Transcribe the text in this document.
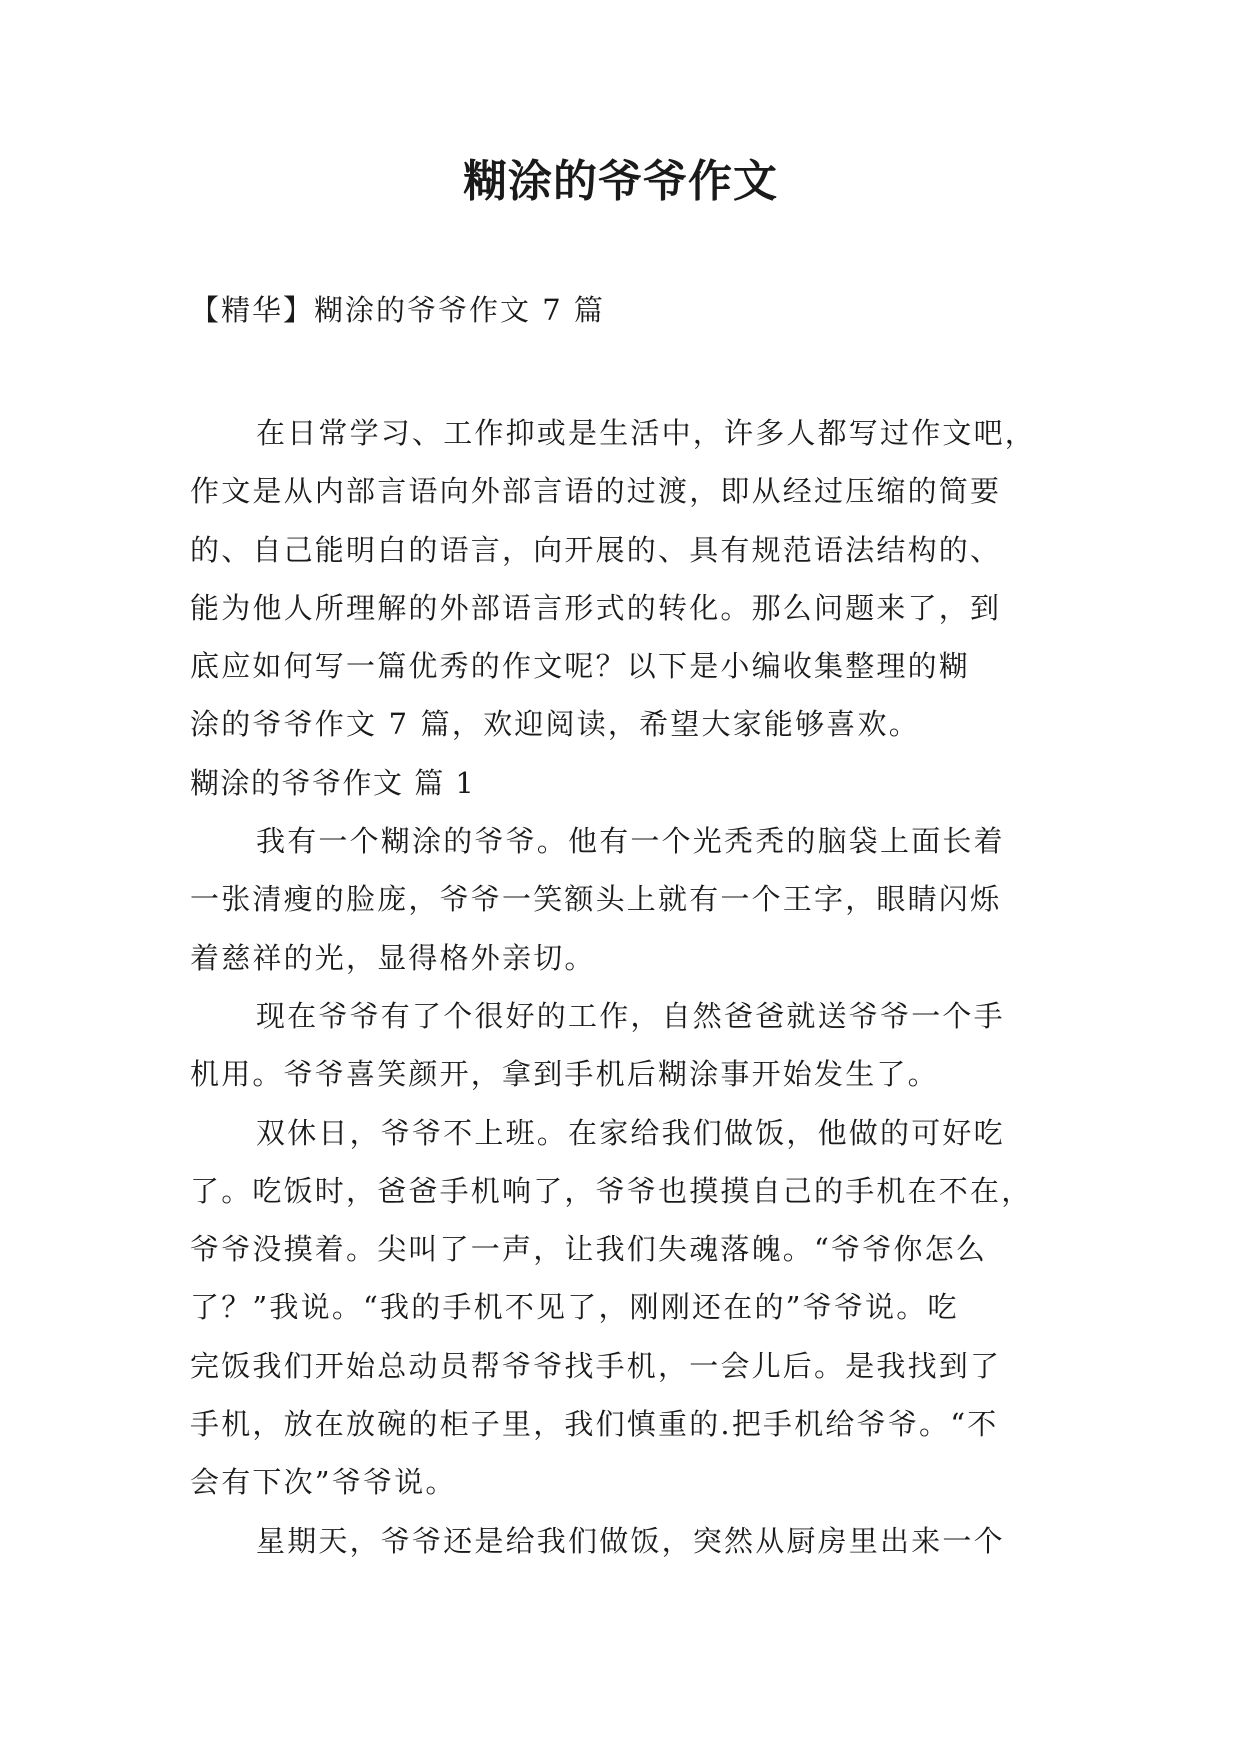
糊涂的爷爷作文
【精华】糊涂的爷爷作文 7 篇
在日常学习、工作抑或是生活中，许多人都写过作文吧，
作文是从内部言语向外部言语的过渡，即从经过压缩的简要
的、自己能明白的语言，向开展的、具有规范语法结构的、
能为他人所理解的外部语言形式的转化。那么问题来了，到
底应如何写一篇优秀的作文呢？以下是小编收集整理的糊
涂的爷爷作文 7 篇，欢迎阅读，希望大家能够喜欢。
糊涂的爷爷作文 篇 1
我有一个糊涂的爷爷。他有一个光秃秃的脑袋上面长着
一张清瘦的脸庞，爷爷一笑额头上就有一个王字，眼睛闪烁
着慈祥的光，显得格外亲切。
现在爷爷有了个很好的工作，自然爸爸就送爷爷一个手
机用。爷爷喜笑颜开，拿到手机后糊涂事开始发生了。
双休日，爷爷不上班。在家给我们做饭，他做的可好吃
了。吃饭时，爸爸手机响了，爷爷也摸摸自己的手机在不在，
爷爷没摸着。尖叫了一声，让我们失魂落魄。“爷爷你怎么
了？”我说。“我的手机不见了，刚刚还在的”爷爷说。吃
完饭我们开始总动员帮爷爷找手机，一会儿后。是我找到了
手机，放在放碗的柜子里，我们慎重的.把手机给爷爷。“不
会有下次”爷爷说。
星期天，爷爷还是给我们做饭，突然从厨房里出来一个
